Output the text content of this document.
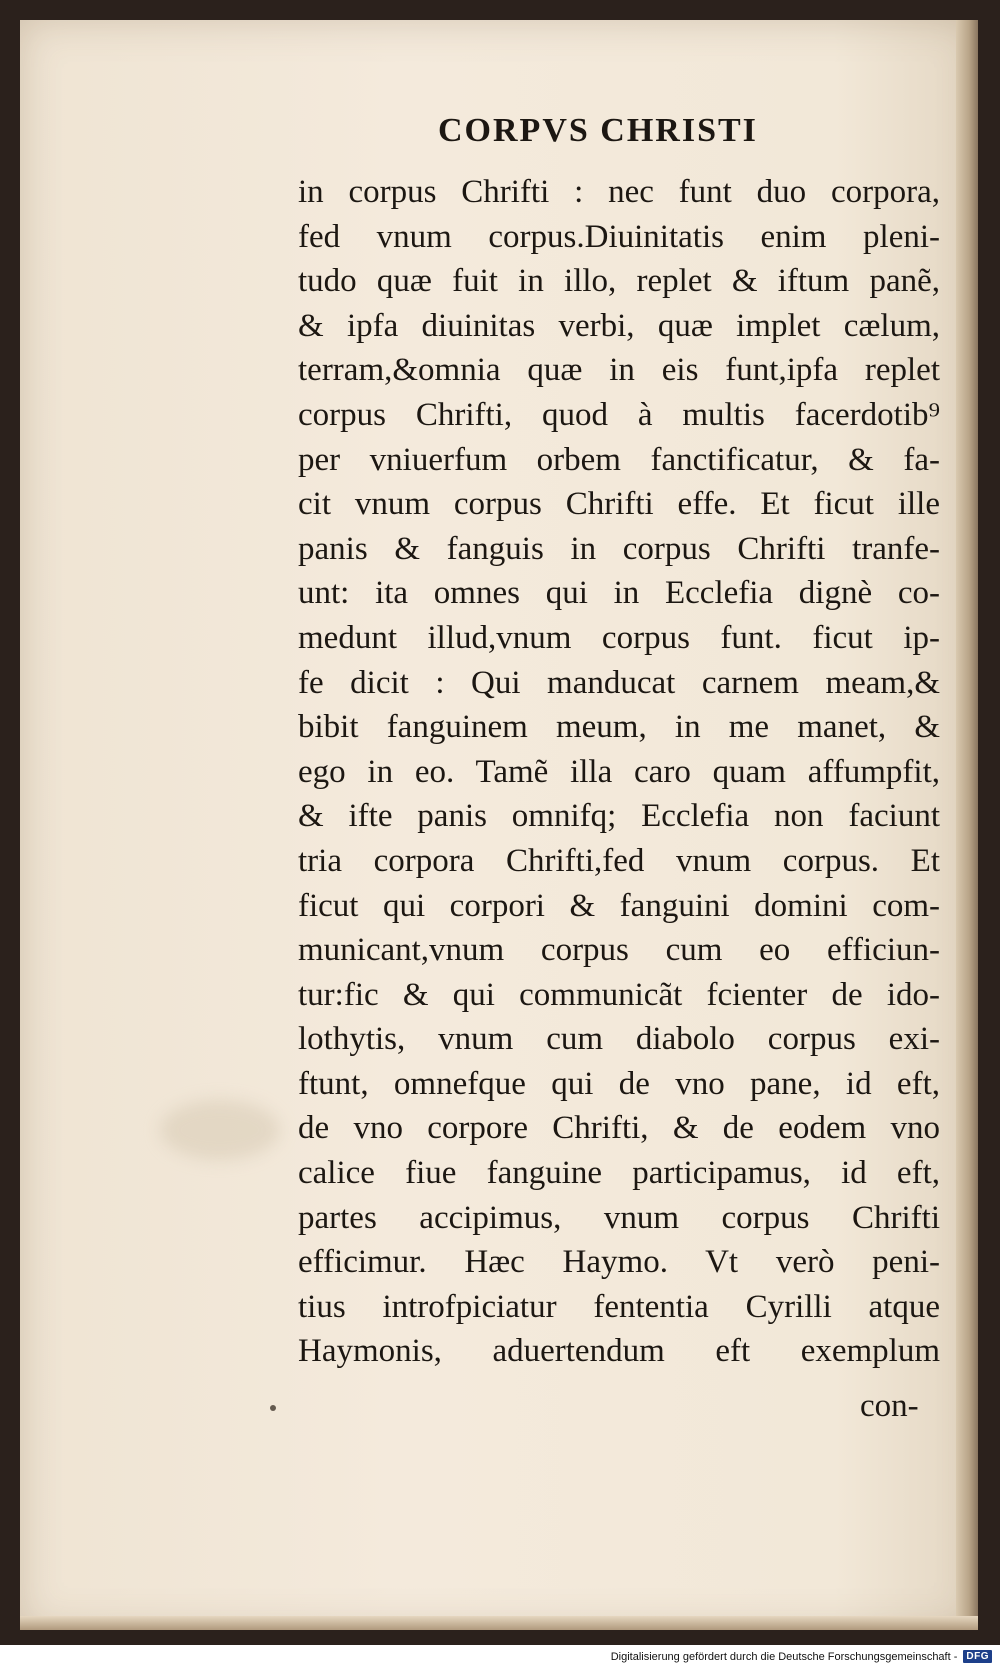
CORPVS CHRISTI
in corpus Chrifti : nec funt duo corpora,
fed vnum corpus.Diuinitatis enim pleni-
tudo quæ fuit in illo, replet & iftum panẽ,
& ipfa diuinitas verbi, quæ implet cælum,
terram,&omnia quæ in eis funt,ipfa replet
corpus Chrifti, quod à multis facerdotib⁹
per vniuerfum orbem fanctificatur, & fa-
cit vnum corpus Chrifti effe. Et ficut ille
panis & fanguis in corpus Chrifti tranfe-
unt: ita omnes qui in Ecclefia dignè co-
medunt illud,vnum corpus funt. ficut ip-
fe dicit : Qui manducat carnem meam,&
bibit fanguinem meum, in me manet, &
ego in eo. Tamẽ illa caro quam affumpfit,
& ifte panis omnifq; Ecclefia non faciunt
tria corpora Chrifti,fed vnum corpus. Et
ficut qui corpori & fanguini domini com-
municant,vnum corpus cum eo efficiun-
tur:fic & qui communicãt fcienter de ido-
lothytis, vnum cum diabolo corpus exi-
ftunt, omnefque qui de vno pane, id eft,
de vno corpore Chrifti, & de eodem vno
calice fiue fanguine participamus, id eft,
partes accipimus, vnum corpus Chrifti
efficimur. Hæc Haymo. Vt verò peni-
tius introfpiciatur fententia Cyrilli atque
Haymonis, aduertendum eft exemplum
con-
Digitalisierung gefördert durch die Deutsche Forschungsgemeinschaft - DFG
